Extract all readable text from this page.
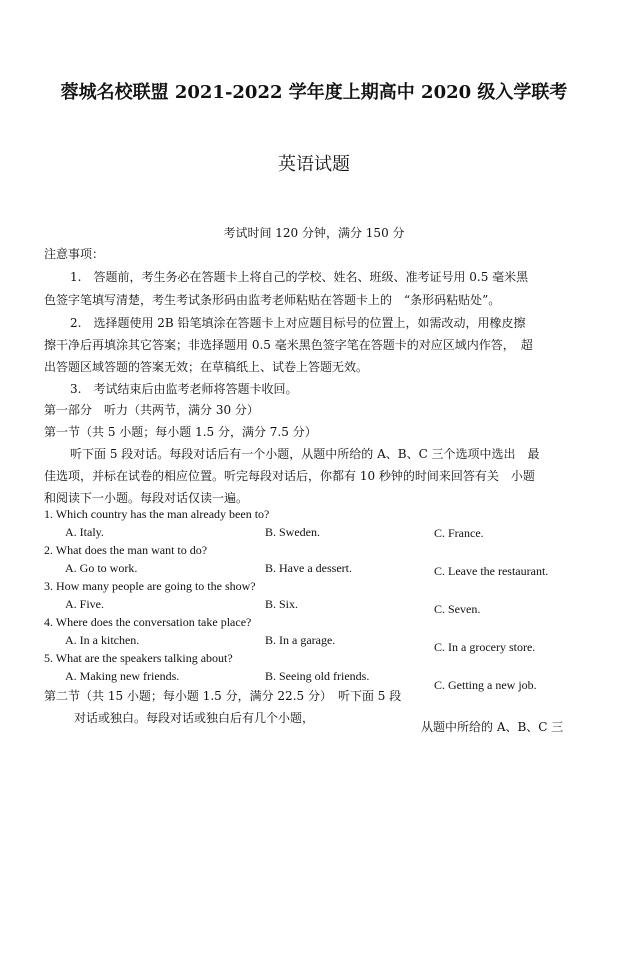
蓉城名校联盟 2021-2022 学年度上期高中 2020 级入学联考
英语试题
考试时间 120 分钟，满分 150 分
注意事项：
1.　答题前，考生务必在答题卡上将自己的学校、姓名、班级、准考证号用 0.5 毫米黑
色签字笔填写清楚，考生考试条形码由监考老师粘贴在答题卡上的　“条形码粘贴处”。
2.　选择题使用 2B 铅笔填涂在答题卡上对应题目标号的位置上，如需改动，用橡皮擦
擦干净后再填涂其它答案；非选择题用 0.5 毫米黑色签字笔在答题卡的对应区域内作答，　超
出答题区域答题的答案无效；在草稿纸上、试卷上答题无效。
3.　考试结束后由监考老师将答题卡收回。
第一部分　听力（共两节，满分 30 分）
第一节（共 5 小题；每小题 1.5 分，满分 7.5 分）
听下面 5 段对话。每段对话后有一个小题，从题中所给的 A、B、C 三个选项中选出　最
佳选项，并标在试卷的相应位置。听完每段对话后，你都有 10 秒钟的时间来回答有关　小题
和阅读下一小题。每段对话仅读一遍。
1. Which country has the man already been to?
A. Italy.	B. Sweden.	C. France.
2. What does the man want to do?
A. Go to work.	B. Have a dessert.	C. Leave the restaurant.
3. How many people are going to the show?
A. Five.	B. Six.	C. Seven.
4. Where does the conversation take place?
A. In a kitchen.	B. In a garage.	C. In a grocery store.
5. What are the speakers talking about?
A. Making new friends.	B. Seeing old friends.
C. Getting a new job.
第二节（共 15 小题；每小题 1.5 分，满分 22.5 分）　听下面 5 段
对话或独白。每段对话或独白后有几个小题，
从题中所给的 A、B、C 三
